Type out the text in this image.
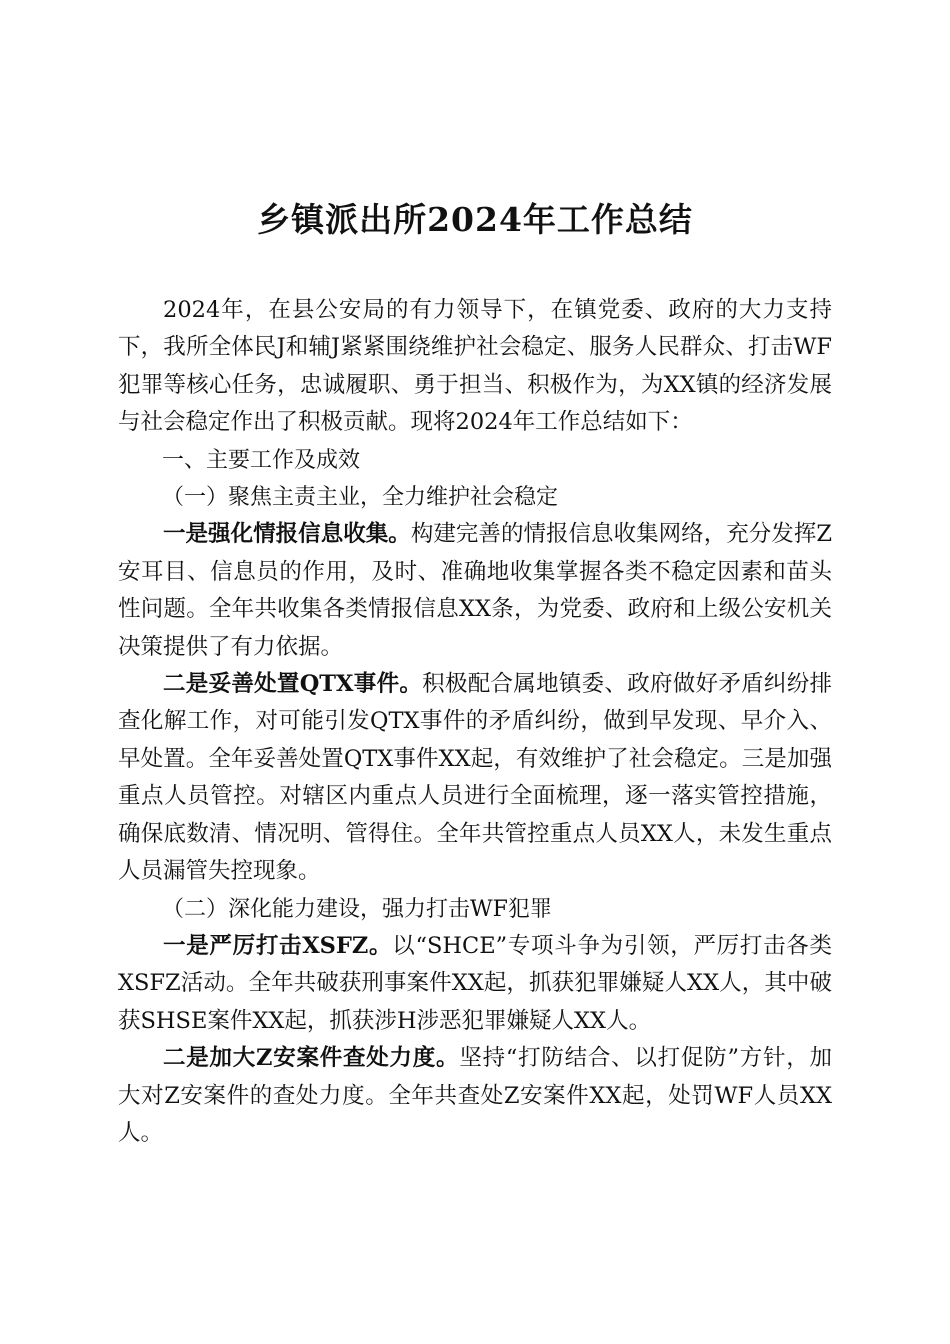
乡镇派出所2024年工作总结

2024年，在县公安局的有力领导下，在镇党委、政府的大力支持下，我所全体民J和辅J紧紧围绕维护社会稳定、服务人民群众、打击WF犯罪等核心任务，忠诚履职、勇于担当、积极作为，为XX镇的经济发展与社会稳定作出了积极贡献。现将2024年工作总结如下：

一、主要工作及成效

（一）聚焦主责主业，全力维护社会稳定

一是强化情报信息收集。构建完善的情报信息收集网络，充分发挥Z安耳目、信息员的作用，及时、准确地收集掌握各类不稳定因素和苗头性问题。全年共收集各类情报信息XX条，为党委、政府和上级公安机关决策提供了有力依据。

二是妥善处置QTX事件。积极配合属地镇委、政府做好矛盾纠纷排查化解工作，对可能引发QTX事件的矛盾纠纷，做到早发现、早介入、早处置。全年妥善处置QTX事件XX起，有效维护了社会稳定。三是加强重点人员管控。对辖区内重点人员进行全面梳理，逐一落实管控措施，确保底数清、情况明、管得住。全年共管控重点人员XX人，未发生重点人员漏管失控现象。

（二）深化能力建设，强力打击WF犯罪

一是严厉打击XSFZ。以“SHCE”专项斗争为引领，严厉打击各类XSFZ活动。全年共破获刑事案件XX起，抓获犯罪嫌疑人XX人，其中破获SHSE案件XX起，抓获涉H涉恶犯罪嫌疑人XX人。

二是加大Z安案件查处力度。坚持“打防结合、以打促防”方针，加大对Z安案件的查处力度。全年共查处Z安案件XX起，处罚WF人员XX人。
